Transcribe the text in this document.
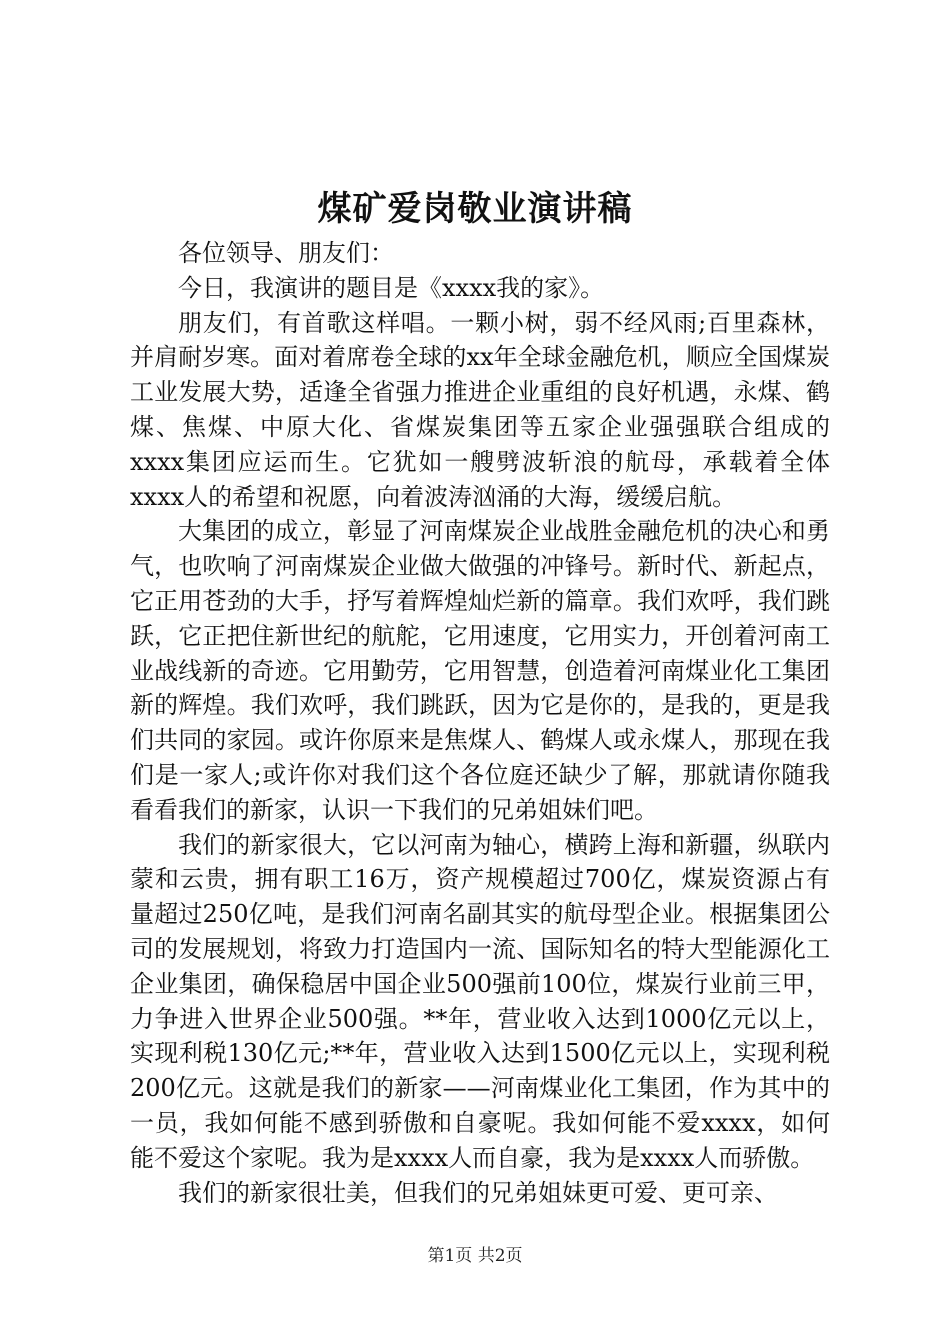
煤矿爱岗敬业演讲稿

各位领导、朋友们：

今日，我演讲的题目是《xxxx我的家》。

朋友们，有首歌这样唱。一颗小树，弱不经风雨;百里森林，并肩耐岁寒。面对着席卷全球的xx年全球金融危机，顺应全国煤炭工业发展大势，适逢全省强力推进企业重组的良好机遇，永煤、鹤煤、焦煤、中原大化、省煤炭集团等五家企业强强联合组成的xxxx集团应运而生。它犹如一艘劈波斩浪的航母，承载着全体xxxx人的希望和祝愿，向着波涛汹涌的大海，缓缓启航。

大集团的成立，彰显了河南煤炭企业战胜金融危机的决心和勇气，也吹响了河南煤炭企业做大做强的冲锋号。新时代、新起点，它正用苍劲的大手，抒写着辉煌灿烂新的篇章。我们欢呼，我们跳跃，它正把住新世纪的航舵，它用速度，它用实力，开创着河南工业战线新的奇迹。它用勤劳，它用智慧，创造着河南煤业化工集团新的辉煌。我们欢呼，我们跳跃，因为它是你的，是我的，更是我们共同的家园。或许你原来是焦煤人、鹤煤人或永煤人，那现在我们是一家人;或许你对我们这个各位庭还缺少了解，那就请你随我看看我们的新家，认识一下我们的兄弟姐妹们吧。

我们的新家很大，它以河南为轴心，横跨上海和新疆，纵联内蒙和云贵，拥有职工16万，资产规模超过700亿，煤炭资源占有量超过250亿吨，是我们河南名副其实的航母型企业。根据集团公司的发展规划，将致力打造国内一流、国际知名的特大型能源化工企业集团，确保稳居中国企业500强前100位，煤炭行业前三甲，力争进入世界企业500强。**年，营业收入达到1000亿元以上，实现利税130亿元;**年，营业收入达到1500亿元以上，实现利税200亿元。这就是我们的新家——河南煤业化工集团，作为其中的一员，我如何能不感到骄傲和自豪呢。我如何能不爱xxxx，如何能不爱这个家呢。我为是xxxx人而自豪，我为是xxxx人而骄傲。

我们的新家很壮美，但我们的兄弟姐妹更可爱、更可亲、

第1页 共2页
